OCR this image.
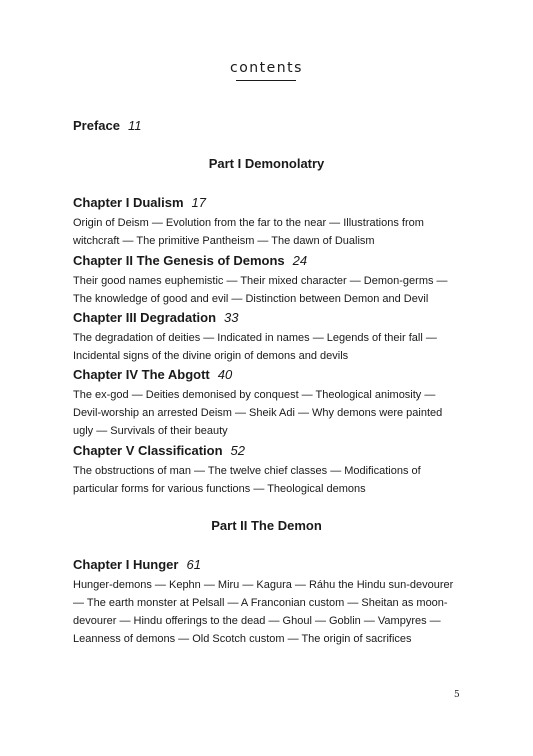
contents
Preface 11
Part I Demonolatry
Chapter I Dualism 17
Origin of Deism — Evolution from the far to the near — Illustrations from witchcraft — The primitive Pantheism — The dawn of Dualism
Chapter II The Genesis of Demons 24
Their good names euphemistic — Their mixed character — Demon-germs — The knowledge of good and evil — Distinction between Demon and Devil
Chapter III Degradation 33
The degradation of deities — Indicated in names — Legends of their fall — Incidental signs of the divine origin of demons and devils
Chapter IV The Abgott 40
The ex-god — Deities demonised by conquest — Theological animosity — Devil-worship an arrested Deism — Sheik Adi — Why demons were painted ugly — Survivals of their beauty
Chapter V Classification 52
The obstructions of man — The twelve chief classes — Modifications of particular forms for various functions — Theological demons
Part II The Demon
Chapter I Hunger 61
Hunger-demons — Kephn — Miru — Kagura — Ráhu the Hindu sun-devourer — The earth monster at Pelsall — A Franconian custom — Sheitan as moon-devourer — Hindu offerings to the dead — Ghoul — Goblin — Vampyres — Leanness of demons — Old Scotch custom — The origin of sacrifices
5
